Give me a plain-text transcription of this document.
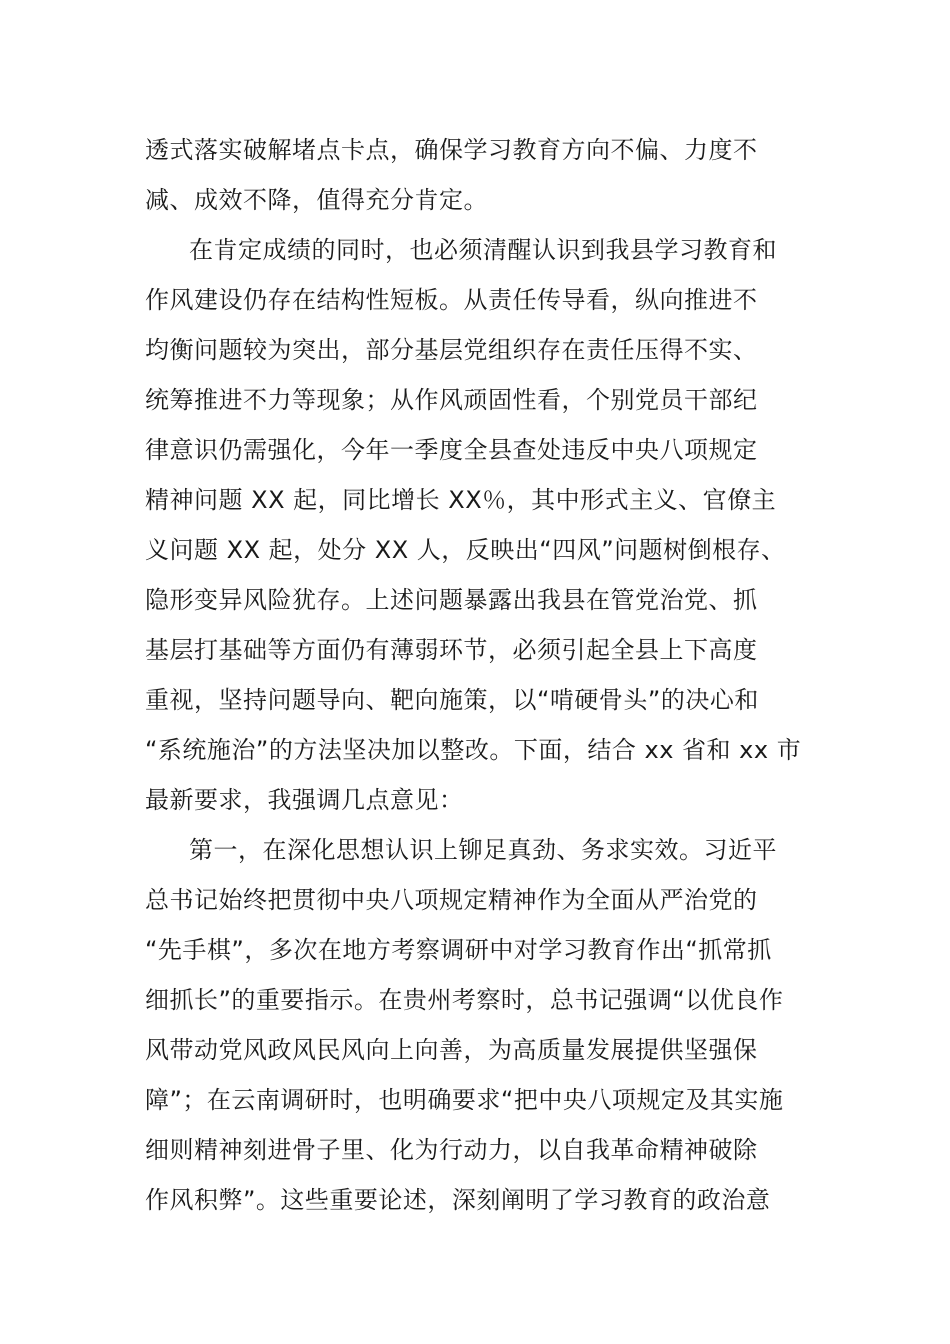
透式落实破解堵点卡点，确保学习教育方向不偏、力度不
减、成效不降，值得充分肯定。
在肯定成绩的同时，也必须清醒认识到我县学习教育和
作风建设仍存在结构性短板。从责任传导看，纵向推进不
均衡问题较为突出，部分基层党组织存在责任压得不实、
统筹推进不力等现象；从作风顽固性看，个别党员干部纪
律意识仍需强化，今年一季度全县查处违反中央八项规定
精神问题 XX 起，同比增长 XX％，其中形式主义、官僚主
义问题 XX 起，处分 XX 人，反映出“四风”问题树倒根存、
隐形变异风险犹存。上述问题暴露出我县在管党治党、抓
基层打基础等方面仍有薄弱环节，必须引起全县上下高度
重视，坚持问题导向、靶向施策，以“啃硬骨头”的决心和
“系统施治”的方法坚决加以整改。下面，结合 xx 省和 xx 市
最新要求，我强调几点意见：
第一，在深化思想认识上铆足真劲、务求实效。习近平
总书记始终把贯彻中央八项规定精神作为全面从严治党的
“先手棋”，多次在地方考察调研中对学习教育作出“抓常抓
细抓长”的重要指示。在贵州考察时，总书记强调“以优良作
风带动党风政风民风向上向善，为高质量发展提供坚强保
障”；在云南调研时，也明确要求“把中央八项规定及其实施
细则精神刻进骨子里、化为行动力，以自我革命精神破除
作风积弊”。这些重要论述，深刻阐明了学习教育的政治意
